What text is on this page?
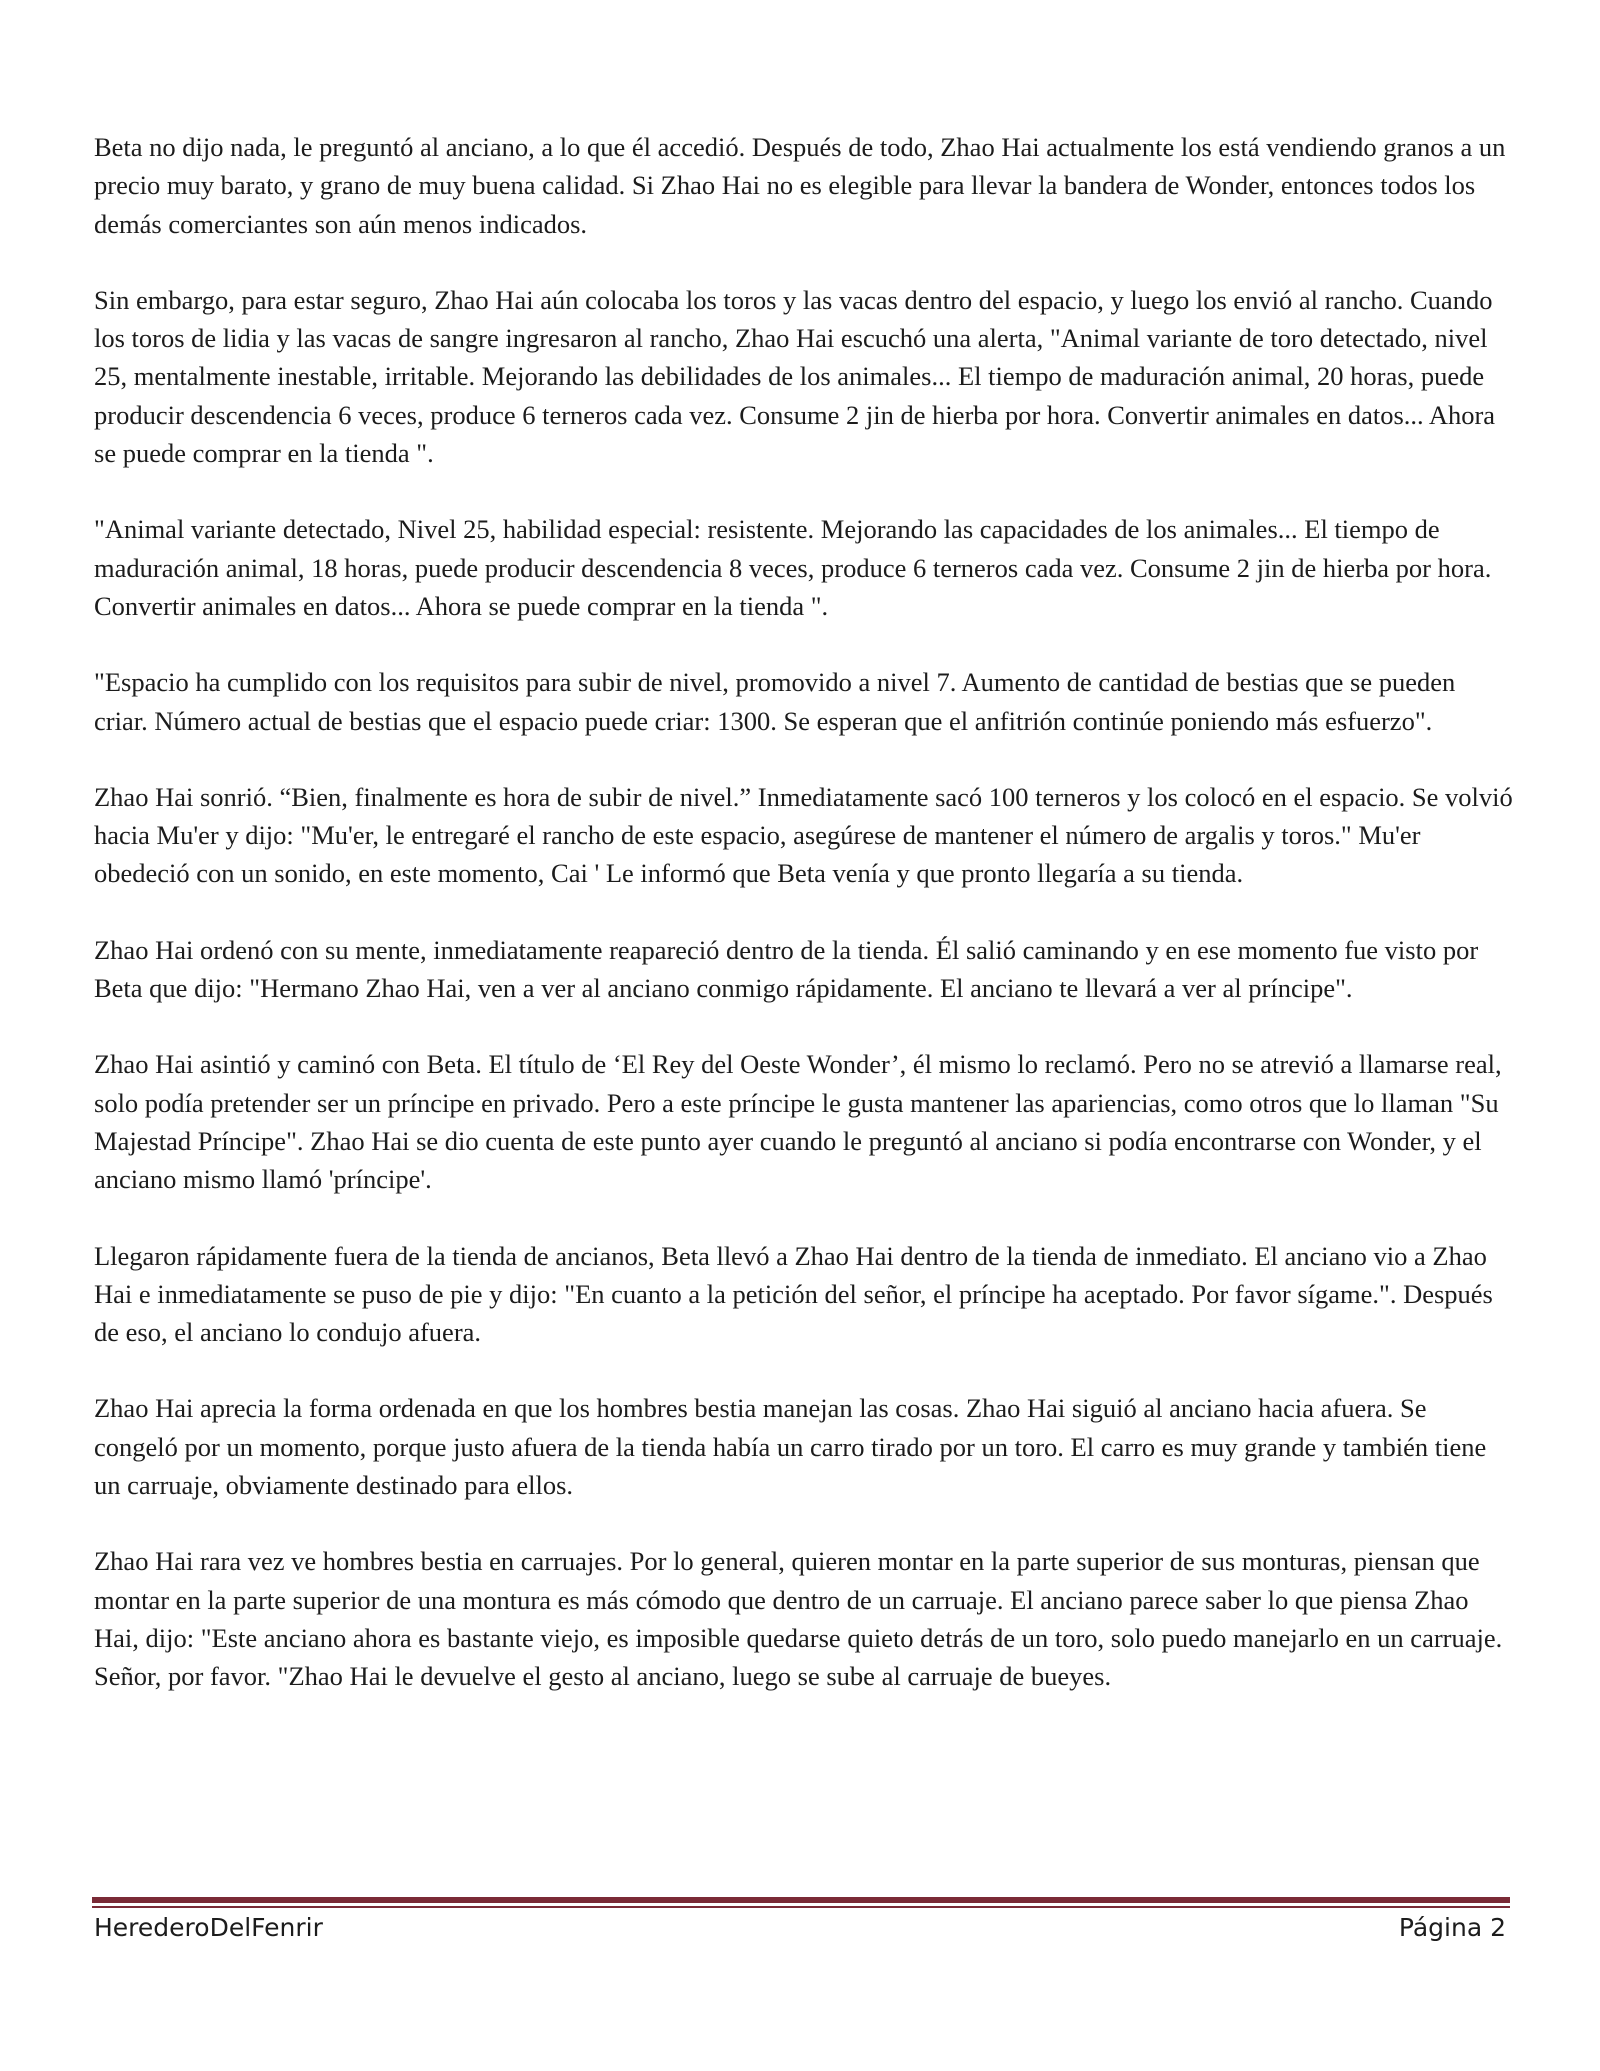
Beta no dijo nada, le preguntó al anciano, a lo que él accedió. Después de todo, Zhao Hai actualmente los está vendiendo granos a un precio muy barato, y grano de muy buena calidad. Si Zhao Hai no es elegible para llevar la bandera de Wonder, entonces todos los demás comerciantes son aún menos indicados.

Sin embargo, para estar seguro, Zhao Hai aún colocaba los toros y las vacas dentro del espacio, y luego los envió al rancho. Cuando los toros de lidia y las vacas de sangre ingresaron al rancho, Zhao Hai escuchó una alerta, "Animal variante de toro detectado, nivel 25, mentalmente inestable, irritable. Mejorando las debilidades de los animales... El tiempo de maduración animal, 20 horas, puede producir descendencia 6 veces, produce 6 terneros cada vez. Consume 2 jin de hierba por hora. Convertir animales en datos... Ahora se puede comprar en la tienda ".

"Animal variante detectado, Nivel 25, habilidad especial: resistente. Mejorando las capacidades de los animales... El tiempo de maduración animal, 18 horas, puede producir descendencia 8 veces, produce 6 terneros cada vez. Consume 2 jin de hierba por hora. Convertir animales en datos... Ahora se puede comprar en la tienda ".

"Espacio ha cumplido con los requisitos para subir de nivel, promovido a nivel 7. Aumento de cantidad de bestias que se pueden criar. Número actual de bestias que el espacio puede criar: 1300. Se esperan que el anfitrión continúe poniendo más esfuerzo".

Zhao Hai sonrió. “Bien, finalmente es hora de subir de nivel.” Inmediatamente sacó 100 terneros y los colocó en el espacio. Se volvió hacia Mu'er y dijo: "Mu'er, le entregaré el rancho de este espacio, asegúrese de mantener el número de argalis y toros." Mu'er obedeció con un sonido, en este momento, Cai ' Le informó que Beta venía y que pronto llegaría a su tienda.

Zhao Hai ordenó con su mente, inmediatamente reapareció dentro de la tienda. Él salió caminando y en ese momento fue visto por Beta que dijo: "Hermano Zhao Hai, ven a ver al anciano conmigo rápidamente. El anciano te llevará a ver al príncipe".

Zhao Hai asintió y caminó con Beta. El título de ‘El Rey del Oeste Wonder’, él mismo lo reclamó. Pero no se atrevió a llamarse real, solo podía pretender ser un príncipe en privado. Pero a este príncipe le gusta mantener las apariencias, como otros que lo llaman "Su Majestad Príncipe". Zhao Hai se dio cuenta de este punto ayer cuando le preguntó al anciano si podía encontrarse con Wonder, y el anciano mismo llamó 'príncipe'.

Llegaron rápidamente fuera de la tienda de ancianos, Beta llevó a Zhao Hai dentro de la tienda de inmediato. El anciano vio a Zhao Hai e inmediatamente se puso de pie y dijo: "En cuanto a la petición del señor, el príncipe ha aceptado. Por favor sígame.". Después de eso, el anciano lo condujo afuera.

Zhao Hai aprecia la forma ordenada en que los hombres bestia manejan las cosas. Zhao Hai siguió al anciano hacia afuera. Se congeló por un momento, porque justo afuera de la tienda había un carro tirado por un toro. El carro es muy grande y también tiene un carruaje, obviamente destinado para ellos.

Zhao Hai rara vez ve hombres bestia en carruajes. Por lo general, quieren montar en la parte superior de sus monturas, piensan que montar en la parte superior de una montura es más cómodo que dentro de un carruaje. El anciano parece saber lo que piensa Zhao Hai, dijo: "Este anciano ahora es bastante viejo, es imposible quedarse quieto detrás de un toro, solo puedo manejarlo en un carruaje. Señor, por favor. "Zhao Hai le devuelve el gesto al anciano, luego se sube al carruaje de bueyes.

HerederoDelFenrir	Página 2
